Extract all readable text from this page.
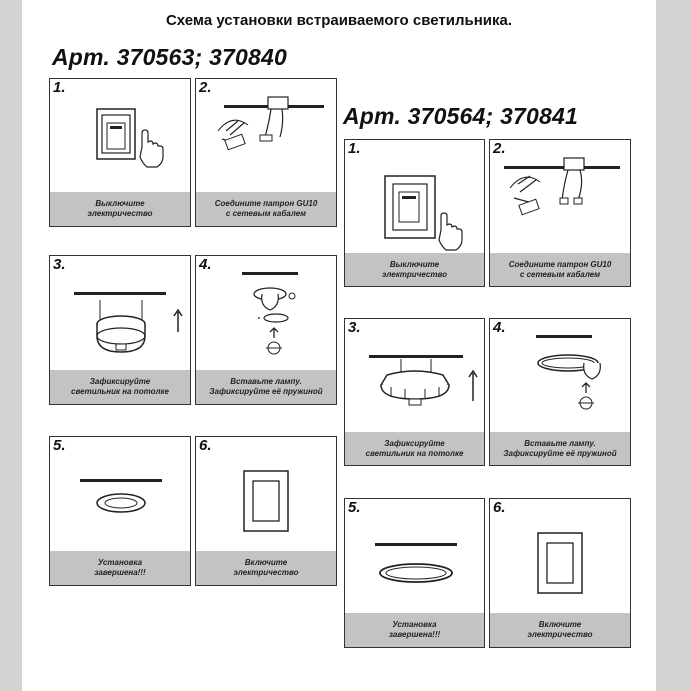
Схема установки встраиваемого светильника.
Арт. 370563; 370840
Арт. 370564; 370841
1.
Выключите
электричество
2.
Соедините патрон GU10
с сетевым кабалем
3.
Зафиксируйте
светильник на потолке
4.
Вставьте лампу.
Зафиксируйте её пружиной
5.
Установка
завершена!!!
6.
Включите
электричество
1.
Выключите
электричество
2.
Соедините патрон GU10
с сетевым кабалем
3.
Зафиксируйте
светильник на потолке
4.
Вставьте лампу.
Зафиксируйте её пружиной
5.
Установка
завершена!!!
6.
Включите
электричество
